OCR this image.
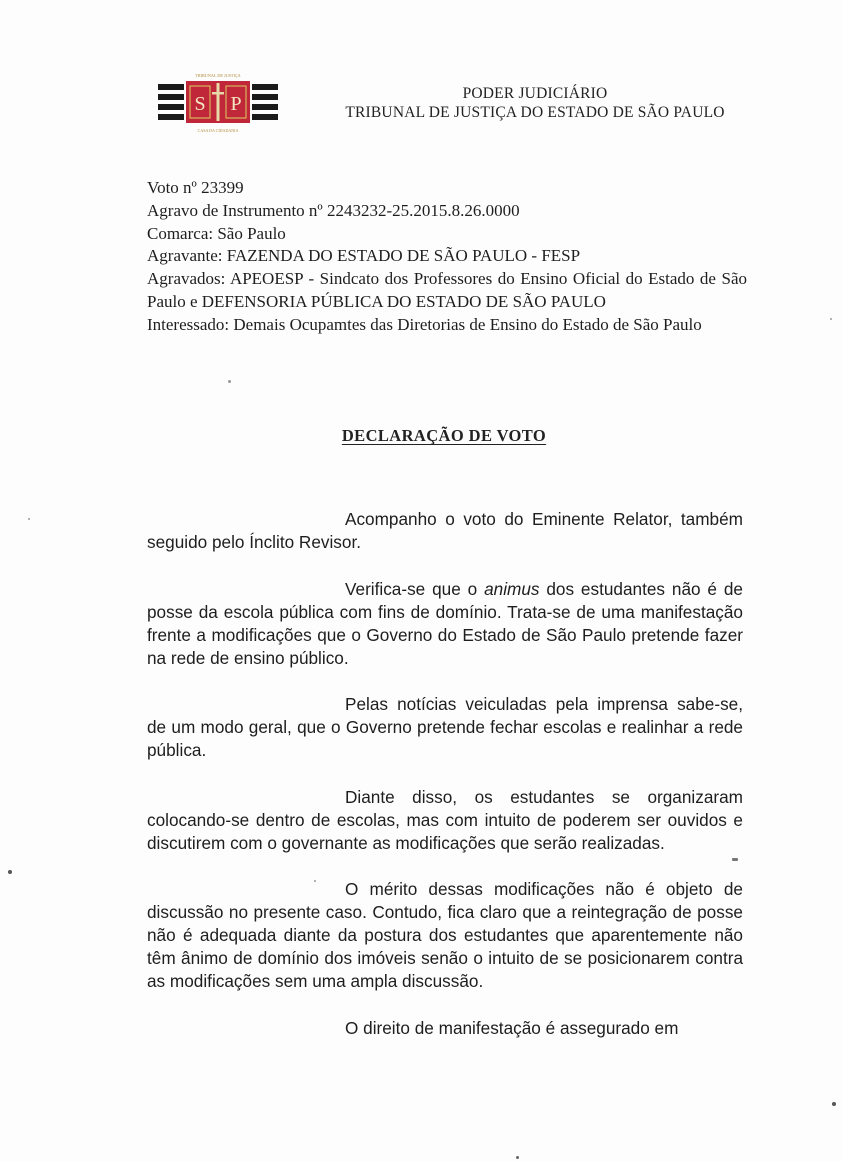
TRIBUNAL DE JUSTIÇA
S P
CASA DA CIDADANIA
PODER JUDICIÁRIO
TRIBUNAL DE JUSTIÇA DO ESTADO DE SÃO PAULO
Voto nº 23399
Agravo de Instrumento nº 2243232-25.2015.8.26.0000
Comarca: São Paulo
Agravante: FAZENDA DO ESTADO DE SÃO PAULO - FESP
Agravados: APEOESP - Sindcato dos Professores do Ensino Oficial do Estado de São Paulo e DEFENSORIA PÚBLICA DO ESTADO DE SÃO PAULO
Interessado: Demais Ocupamtes das Diretorias de Ensino do Estado de São Paulo
DECLARAÇÃO DE VOTO

Acompanho o voto do Eminente Relator, também seguido pelo Ínclito Revisor.

Verifica-se que o animus dos estudantes não é de posse da escola pública com fins de domínio. Trata-se de uma manifestação frente a modificações que o Governo do Estado de São Paulo pretende fazer na rede de ensino público.

Pelas notícias veiculadas pela imprensa sabe-se, de um modo geral, que o Governo pretende fechar escolas e realinhar a rede pública.

Diante disso, os estudantes se organizaram colocando-se dentro de escolas, mas com intuito de poderem ser ouvidos e discutirem com o governante as modificações que serão realizadas.

O mérito dessas modificações não é objeto de discussão no presente caso. Contudo, fica claro que a reintegração de posse não é adequada diante da postura dos estudantes que aparentemente não têm ânimo de domínio dos imóveis senão o intuito de se posicionarem contra as modificações sem uma ampla discussão.

O direito de manifestação é assegurado em
